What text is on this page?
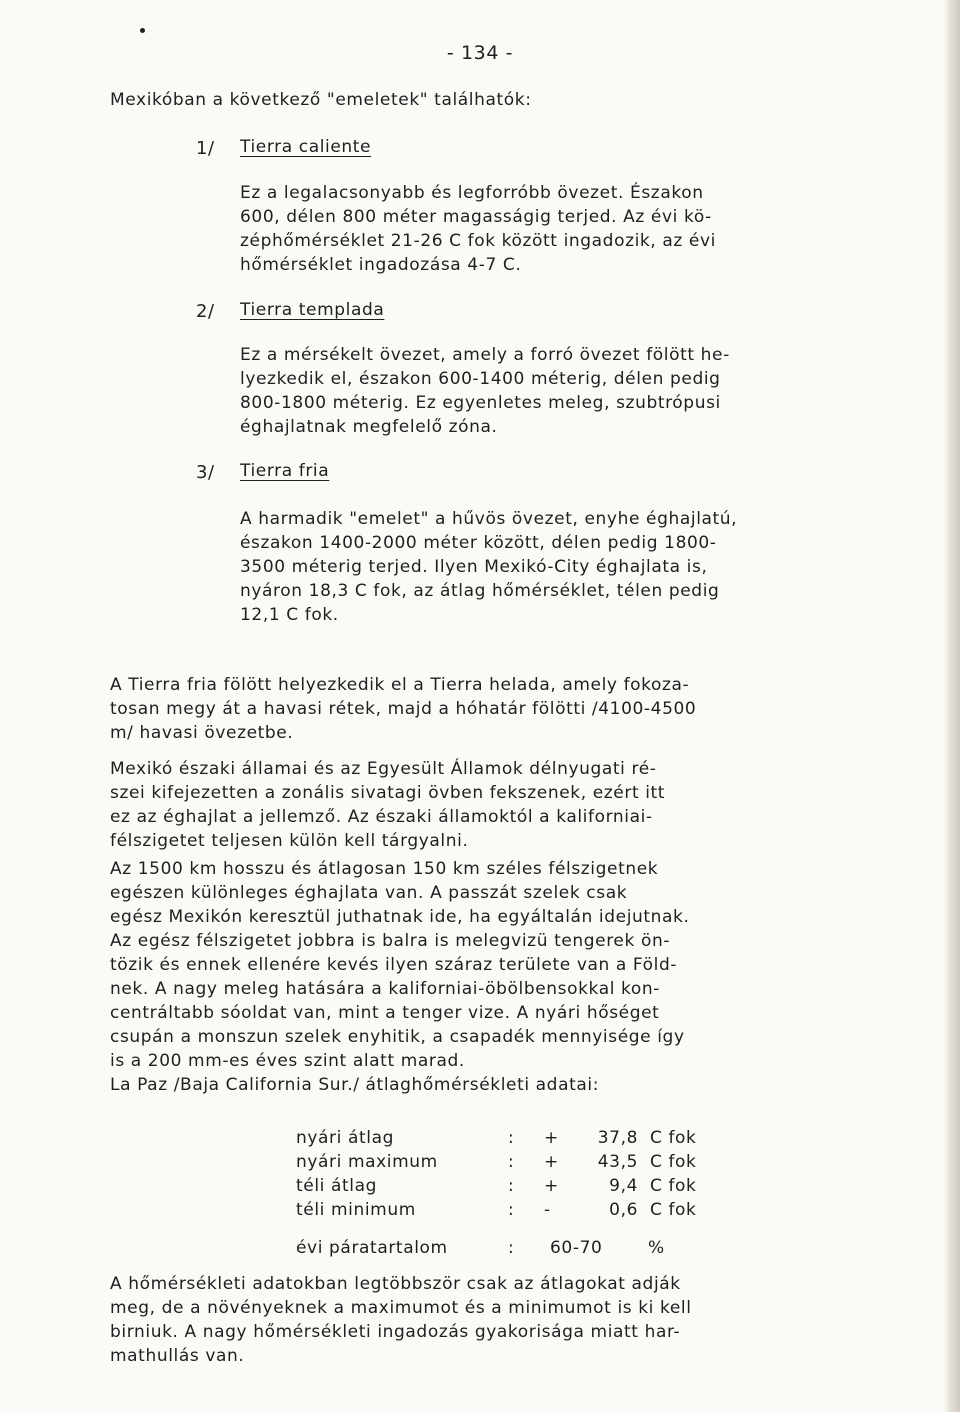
- 134 -
Mexikóban a következő "emeletek" találhatók:
1/ Tierra caliente
Ez a legalacsonyabb és legforróbb övezet. Északon
600, délen 800 méter magasságig terjed. Az évi kö-
zéphőmérséklet 21-26 C fok között ingadozik, az évi
hőmérséklet ingadozása 4-7 C.
2/ Tierra templada
Ez a mérsékelt övezet, amely a forró övezet fölött he-
lyezkedik el, északon 600-1400 méterig, délen pedig
800-1800 méterig. Ez egyenletes meleg, szubtrópusi
éghajlatnak megfelelő zóna.
3/ Tierra fria
A harmadik "emelet" a hűvös övezet, enyhe éghajlatú,
északon 1400-2000 méter között, délen pedig 1800-
3500 méterig terjed. Ilyen Mexikó-City éghajlata is,
nyáron 18,3 C fok, az átlag hőmérséklet, télen pedig
12,1 C fok.
A Tierra fria fölött helyezkedik el a Tierra helada, amely fokoza-
tosan megy át a havasi rétek, majd a hóhatár fölötti /4100-4500
m/ havasi övezetbe.
Mexikó északi államai és az Egyesült Államok délnyugati ré-
szei kifejezetten a zonális sivatagi övben fekszenek, ezért itt
ez az éghajlat a jellemző. Az északi államoktól a kaliforniai-
félszigetet teljesen külön kell tárgyalni.
Az 1500 km hosszu és átlagosan 150 km széles félszigetnek
egészen különleges éghajlata van. A passzát szelek csak
egész Mexikón keresztül juthatnak ide, ha egyáltalán idejutnak.
Az egész félszigetet jobbra is balra is melegvizü tengerek ön-
tözik és ennek ellenére kevés ilyen száraz területe van a Föld-
nek. A nagy meleg hatására a kaliforniai-öbölbensokkal kon-
centráltabb sóoldat van, mint a tenger vize. A nyári hőséget
csupán a monszun szelek enyhitik, a csapadék mennyisége így
is a 200 mm-es éves szint alatt marad.
La Paz /Baja California Sur./ átlaghőmérsékleti adatai:
nyári átlag	:	+	37,8	C fok
nyári maximum	:	+	43,5	C fok
téli átlag	:	+	9,4	C fok
téli minimum	:	-	0,6	C fok
évi páratartalom	: 60-70	%
A hőmérsékleti adatokban legtöbbször csak az átlagokat adják
meg, de a növényeknek a maximumot és a minimumot is ki kell
birniuk. A nagy hőmérsékleti ingadozás gyakorisága miatt har-
mathullás van.
